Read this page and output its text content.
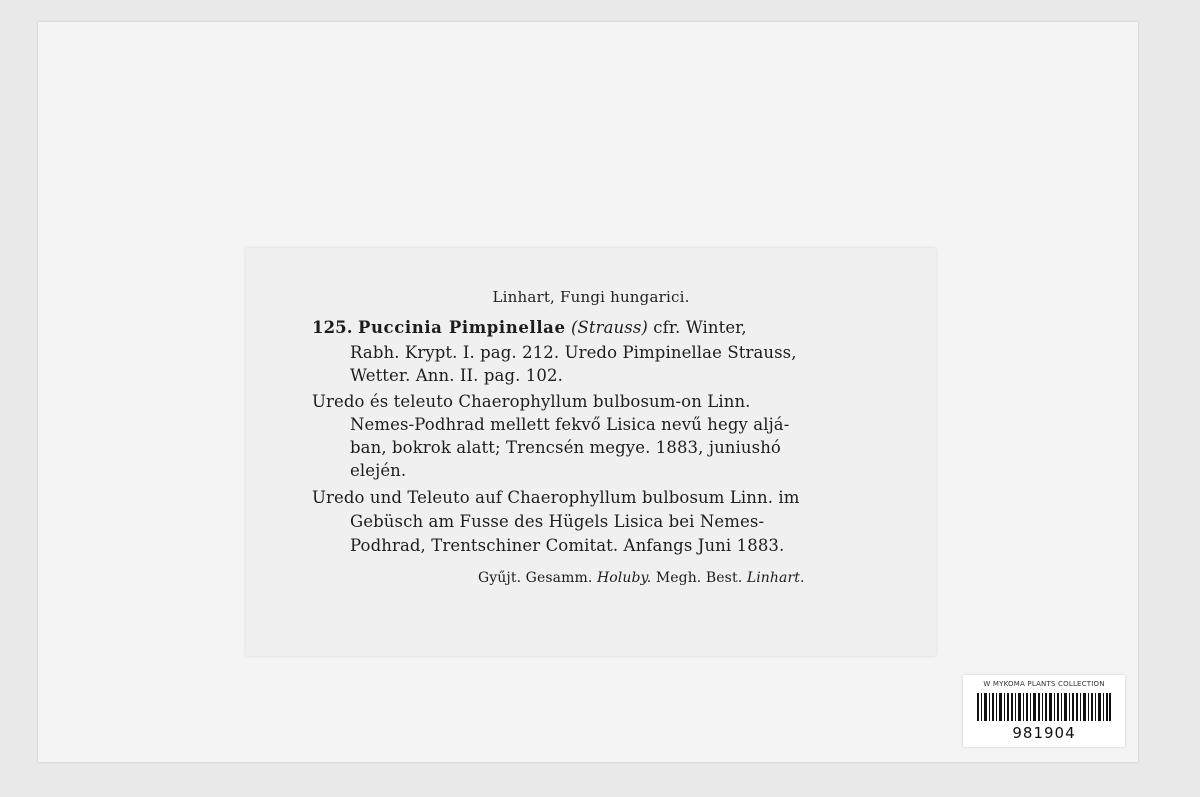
Linhart, Fungi hungarici.
125. Puccinia Pimpinellae (Strauss) cfr. Winter,
Rabh. Krypt. I. pag. 212. Uredo Pimpinellae Strauss,
Wetter. Ann. II. pag. 102.
Uredo és teleuto Chaerophyllum bulbosum-on Linn.
Nemes-Podhrad mellett fekvő Lisica nevű hegy aljá-
ban, bokrok alatt; Trencsén megye. 1883, juniushó
elején.
Uredo und Teleuto auf Chaerophyllum bulbosum Linn. im
Gebüsch am Fusse des Hügels Lisica bei Nemes-
Podhrad, Trentschiner Comitat. Anfangs Juni 1883.
Gyűjt. Gesamm. Holuby. Megh. Best. Linhart.
W MYKOMA PLANTS COLLECTION
981904
